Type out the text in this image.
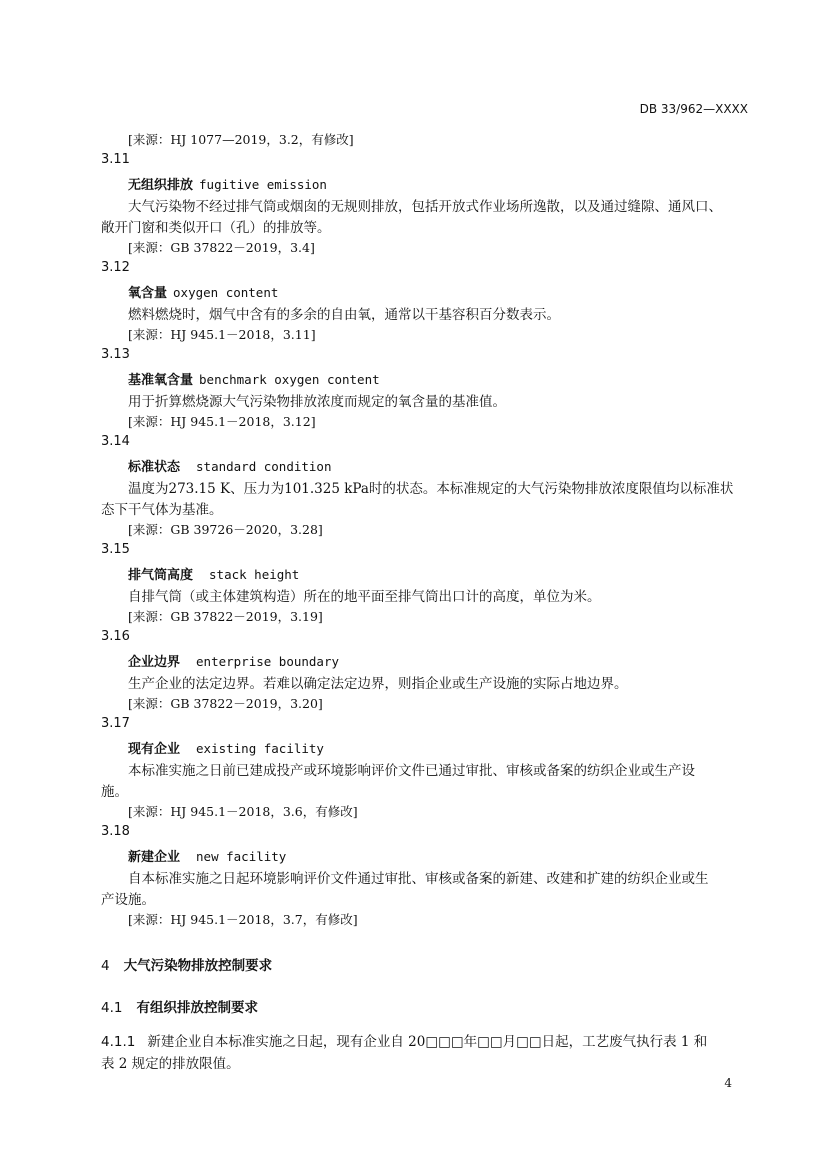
DB 33/962—XXXX
[来源：HJ 1077—2019，3.2，有修改]
3.11
无组织排放 fugitive emission
大气污染物不经过排气筒或烟囱的无规则排放，包括开放式作业场所逸散，以及通过缝隙、通风口、
敞开门窗和类似开口（孔）的排放等。
[来源：GB 37822－2019，3.4]
3.12
氧含量 oxygen content
燃料燃烧时，烟气中含有的多余的自由氧，通常以干基容积百分数表示。
[来源：HJ 945.1－2018，3.11]
3.13
基准氧含量 benchmark oxygen content
用于折算燃烧源大气污染物排放浓度而规定的氧含量的基准值。
[来源：HJ 945.1－2018，3.12]
3.14
标准状态 standard condition
温度为273.15 K、压力为101.325 kPa时的状态。本标准规定的大气污染物排放浓度限值均以标准状
态下干气体为基准。
[来源：GB 39726－2020，3.28]
3.15
排气筒高度 stack height
自排气筒（或主体建筑构造）所在的地平面至排气筒出口计的高度，单位为米。
[来源：GB 37822－2019，3.19]
3.16
企业边界 enterprise boundary
生产企业的法定边界。若难以确定法定边界，则指企业或生产设施的实际占地边界。
[来源：GB 37822－2019，3.20]
3.17
现有企业 existing facility
本标准实施之日前已建成投产或环境影响评价文件已通过审批、审核或备案的纺织企业或生产设
施。
[来源：HJ 945.1－2018，3.6，有修改]
3.18
新建企业 new facility
自本标准实施之日起环境影响评价文件通过审批、审核或备案的新建、改建和扩建的纺织企业或生
产设施。
[来源：HJ 945.1－2018，3.7，有修改]
4 大气污染物排放控制要求
4.1 有组织排放控制要求
4.1.1 新建企业自本标准实施之日起，现有企业自 20□□□年□□月□□日起，工艺废气执行表 1 和
表 2 规定的排放限值。
4
